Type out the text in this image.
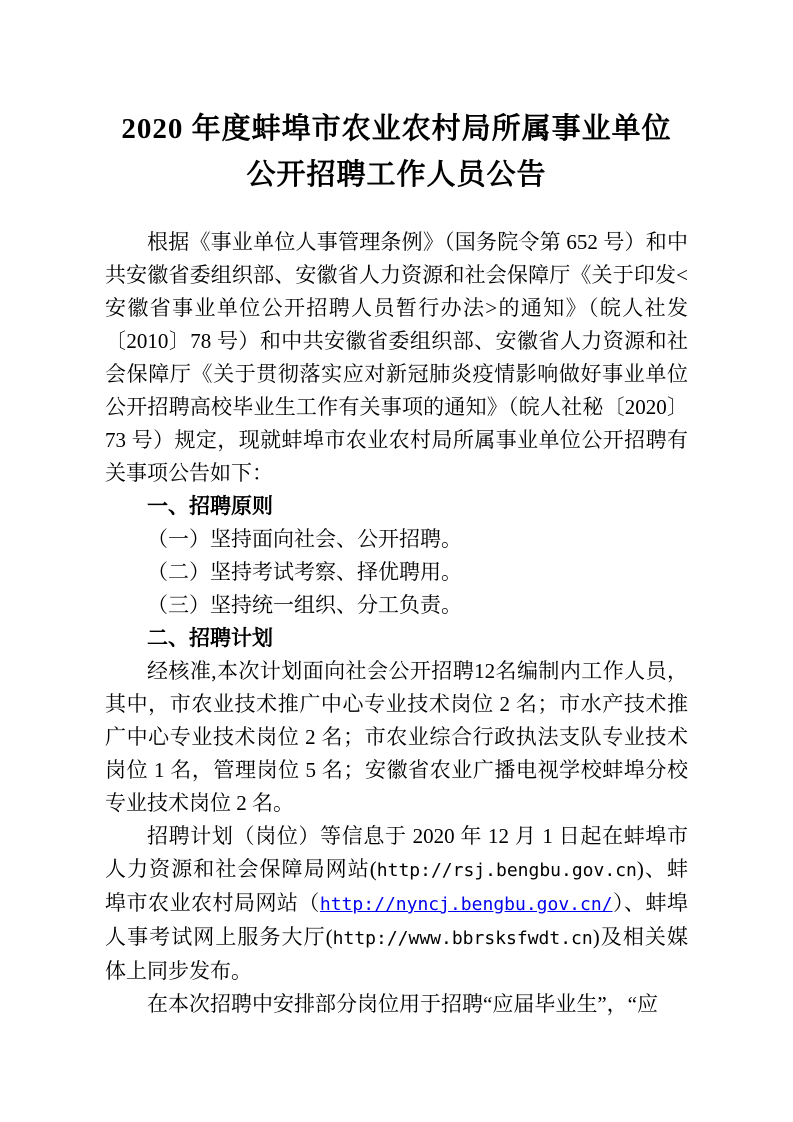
2020 年度蚌埠市农业农村局所属事业单位
公开招聘工作人员公告

根据《事业单位人事管理条例》（国务院令第 652 号）和中共安徽省委组织部、安徽省人力资源和社会保障厅《关于印发<安徽省事业单位公开招聘人员暂行办法>的通知》（皖人社发〔2010〕78 号）和中共安徽省委组织部、安徽省人力资源和社会保障厅《关于贯彻落实应对新冠肺炎疫情影响做好事业单位公开招聘高校毕业生工作有关事项的通知》（皖人社秘〔2020〕73 号）规定，现就蚌埠市农业农村局所属事业单位公开招聘有关事项公告如下：

一、招聘原则

（一）坚持面向社会、公开招聘。

（二）坚持考试考察、择优聘用。

（三）坚持统一组织、分工负责。

二、招聘计划

经核准,本次计划面向社会公开招聘12名编制内工作人员，其中，市农业技术推广中心专业技术岗位 2 名；市水产技术推广中心专业技术岗位 2 名；市农业综合行政执法支队专业技术岗位 1 名，管理岗位 5 名；安徽省农业广播电视学校蚌埠分校专业技术岗位 2 名。

招聘计划（岗位）等信息于 2020 年 12 月 1 日起在蚌埠市人力资源和社会保障局网站(http://rsj.bengbu.gov.cn)、蚌埠市农业农村局网站（http://nyncj.bengbu.gov.cn/）、蚌埠人事考试网上服务大厅(http://www.bbrsksfwdt.cn)及相关媒体上同步发布。

在本次招聘中安排部分岗位用于招聘“应届毕业生”，“应
